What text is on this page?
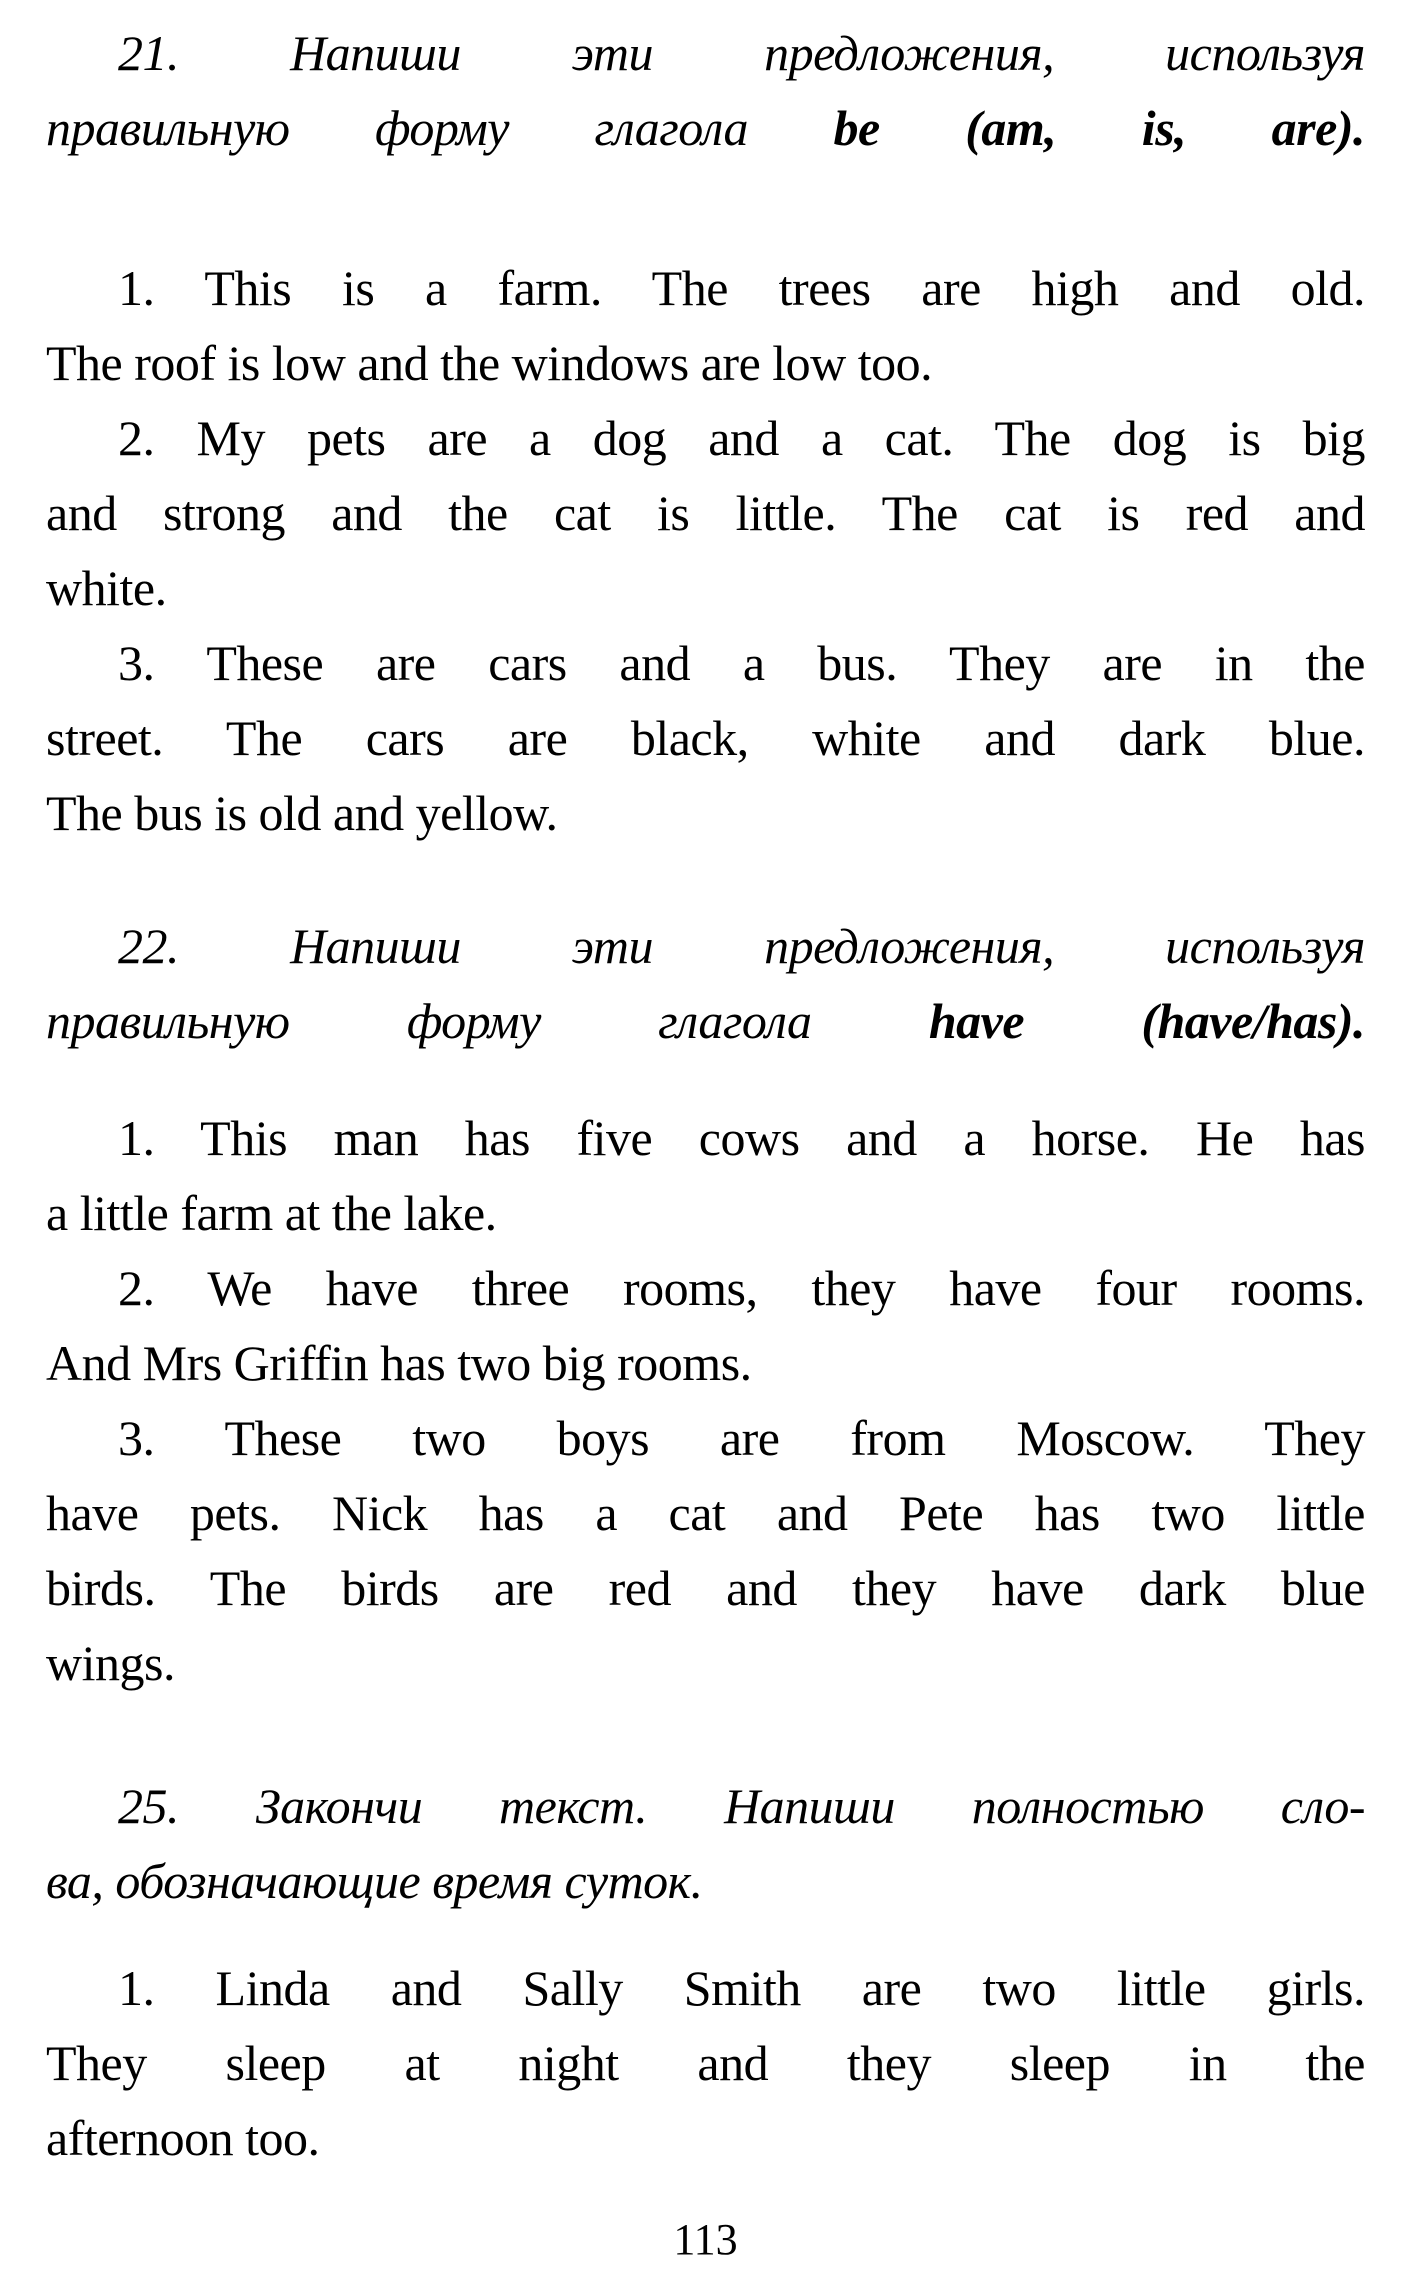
21. Напиши эти предложения, используя
правильную форму глагола be (am, is, are).
1. This is a farm. The trees are high and old.
The roof is low and the windows are low too.
2. My pets are a dog and a cat. The dog is big
and strong and the cat is little. The cat is red and
white.
3. These are cars and a bus. They are in the
street. The cars are black, white and dark blue.
The bus is old and yellow.
22. Напиши эти предложения, используя
правильную форму глагола have (have/has).
1. This man has five cows and a horse. He has
a little farm at the lake.
2. We have three rooms, they have four rooms.
And Mrs Griffin has two big rooms.
3. These two boys are from Moscow. They
have pets. Nick has a cat and Pete has two little
birds. The birds are red and they have dark blue
wings.
25. Закончи текст. Напиши полностью сло-
ва, обозначающие время суток.
1. Linda and Sally Smith are two little girls.
They sleep at night and they sleep in the
afternoon too.
113
